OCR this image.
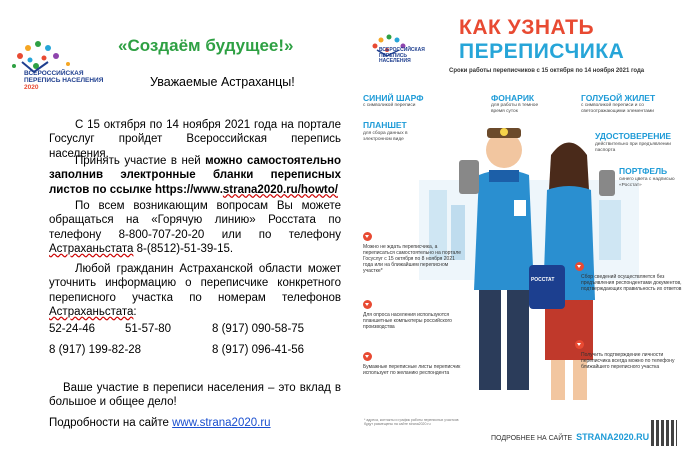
ВСЕРОССИЙСКАЯ ПЕРЕПИСЬ НАСЕЛЕНИЯ 2020
«Создаём будущее!»
Уважаемые Астраханцы!
С 15 октября по 14 ноября 2021 года на портале Госуслуг пройдет Всероссийская перепись населения.
Принять участие в ней можно самостоятельно заполнив электронные бланки переписных листов по ссылке https://www.strana2020.ru/howto/
По всем возникающим вопросам Вы можете обращаться на «Горячую линию» Росстата по телефону 8-800-707-20-20 или по телефону Астраханьстата 8-(8512)-51-39-15.
Любой гражданин Астраханской области может уточнить информацию о переписчике конкретного переписного участка по номерам телефонов Астраханьстата:
52-24-46	51-57-80	8 (917) 090-58-75
8 (917) 199-82-28	8 (917) 096-41-56
Ваше участие в переписи населения – это вклад в большое и общее дело!
Подробности на сайте www.strana2020.ru
ВСЕРОССИЙСКАЯ ПЕРЕПИСЬ НАСЕЛЕНИЯ
КАК УЗНАТЬ
ПЕРЕПИСЧИКА
Сроки работы переписчиков с 15 октября по 14 ноября 2021 года
РОССТАТ
СИНИЙ ШАРФ
с символикой переписи
ФОНАРИК
для работы в темное время суток
ГОЛУБОЙ ЖИЛЕТ
с символикой переписи и со светоотражающими элементами
ПЛАНШЕТ
для сбора данных в электронном виде	УДОСТОВЕРЕНИЕ
действительно при предъявлении паспорта
ПОРТФЕЛЬ
синего цвета с надписью «Росстат»
Можно не ждать переписчика, а переписаться самостоятельно на портале Госуслуг с 15 октября по 8 ноября 2021 года или на ближайшем переписном участке*
Для опроса населения используются планшетные компьютеры российского производства
Бумажные переписные листы переписчик использует по желанию респондента
Сбор сведений осуществляется без предъявления респондентами документов, подтверждающих правильность их ответов
Получить подтверждение личности переписчика всегда можно по телефону ближайшего переписного участка
* адреса, контакты и график работы переписных участков будут размещены на сайте strana2020.ru
ПОДРОБНЕЕ НА САЙТЕ STRANA2020.RU
